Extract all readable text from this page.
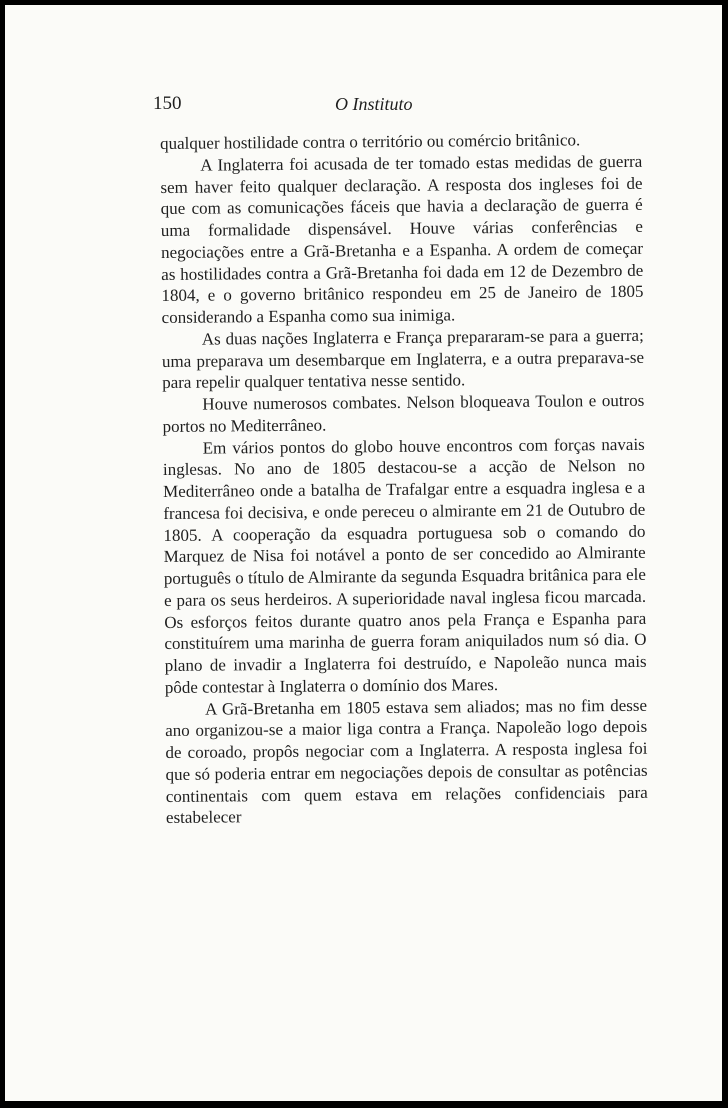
150	O Instituto

qualquer hostilidade contra o território ou comércio britânico.

A Inglaterra foi acusada de ter tomado estas medidas de guerra sem haver feito qualquer declaração. A resposta dos ingleses foi de que com as comunicações fáceis que havia a declaração de guerra é uma formalidade dispensável. Houve várias conferências e negociações entre a Grã-Bretanha e a Espanha. A ordem de começar as hostilidades contra a Grã-Bretanha foi dada em 12 de Dezembro de 1804, e o governo britânico respondeu em 25 de Janeiro de 1805 considerando a Espanha como sua inimiga.

As duas nações Inglaterra e França prepararam-se para a guerra; uma preparava um desembarque em Inglaterra, e a outra preparava-se para repelir qualquer tentativa nesse sentido.

Houve numerosos combates. Nelson bloqueava Toulon e outros portos no Mediterrâneo.

Em vários pontos do globo houve encontros com forças navais inglesas. No ano de 1805 destacou-se a acção de Nelson no Mediterrâneo onde a batalha de Trafalgar entre a esquadra inglesa e a francesa foi decisiva, e onde pereceu o almirante em 21 de Outubro de 1805. A cooperação da esquadra portuguesa sob o comando do Marquez de Nisa foi notável a ponto de ser concedido ao Almirante português o título de Almirante da segunda Esquadra britânica para ele e para os seus herdeiros. A superioridade naval inglesa ficou marcada. Os esforços feitos durante quatro anos pela França e Espanha para constituírem uma marinha de guerra foram aniquilados num só dia. O plano de invadir a Inglaterra foi destruído, e Napoleão nunca mais pôde contestar à Inglaterra o domínio dos Mares.

A Grã-Bretanha em 1805 estava sem aliados; mas no fim desse ano organizou-se a maior liga contra a França. Napoleão logo depois de coroado, propôs negociar com a Inglaterra. A resposta inglesa foi que só poderia entrar em negociações depois de consultar as potências continentais com quem estava em relações confidenciais para estabelecer
